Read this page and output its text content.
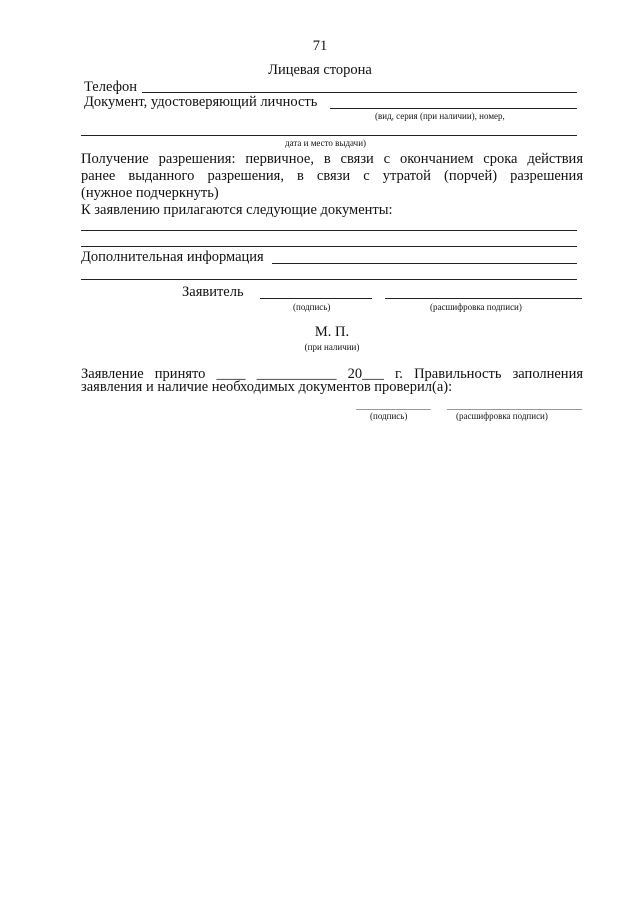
71
Лицевая сторона
Телефон
Документ, удостоверяющий личность
(вид, серия (при наличии), номер,
дата и место выдачи)
Получение разрешения: первичное, в связи с окончанием срока действия
ранее выданного разрешения, в связи с утратой (порчей) разрешения
(нужное подчеркнуть)
К заявлению прилагаются следующие документы:
Дополнительная информация
Заявитель
(подпись)	(расшифровка подписи)
М. П.
(при наличии)
Заявление принято ____ ___________ 20___ г. Правильность заполнения
заявления и наличие необходимых документов проверил(а):
(подпись)	(расшифровка подписи)
